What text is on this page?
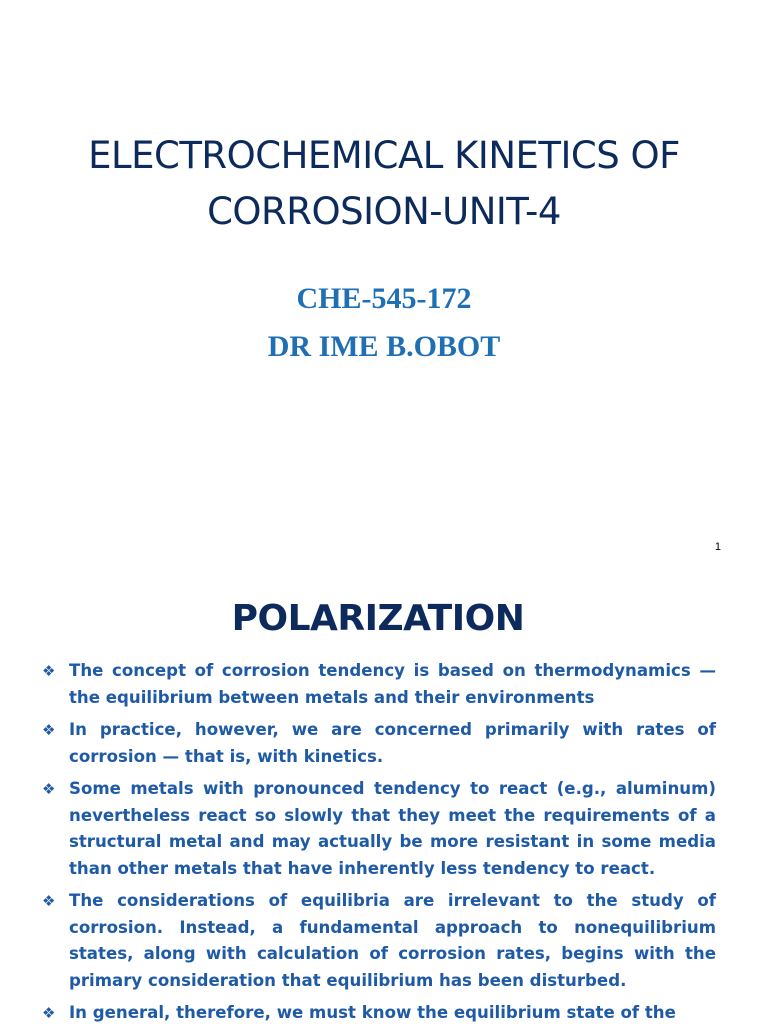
ELECTROCHEMICAL KINETICS OF
CORROSION-UNIT-4
CHE-545-172
DR IME B.OBOT
1
POLARIZATION
❖ The concept of corrosion tendency is based on thermodynamics — the equilibrium between metals and their environments
❖ In practice, however, we are concerned primarily with rates of corrosion — that is, with kinetics.
❖ Some metals with pronounced tendency to react (e.g., aluminum) nevertheless react so slowly that they meet the requirements of a structural metal and may actually be more resistant in some media than other metals that have inherently less tendency to react.
❖ The considerations of equilibria are irrelevant to the study of corrosion. Instead, a fundamental approach to nonequilibrium states, along with calculation of corrosion rates, begins with the primary consideration that equilibrium has been disturbed.
❖ In general, therefore, we must know the equilibrium state of the
